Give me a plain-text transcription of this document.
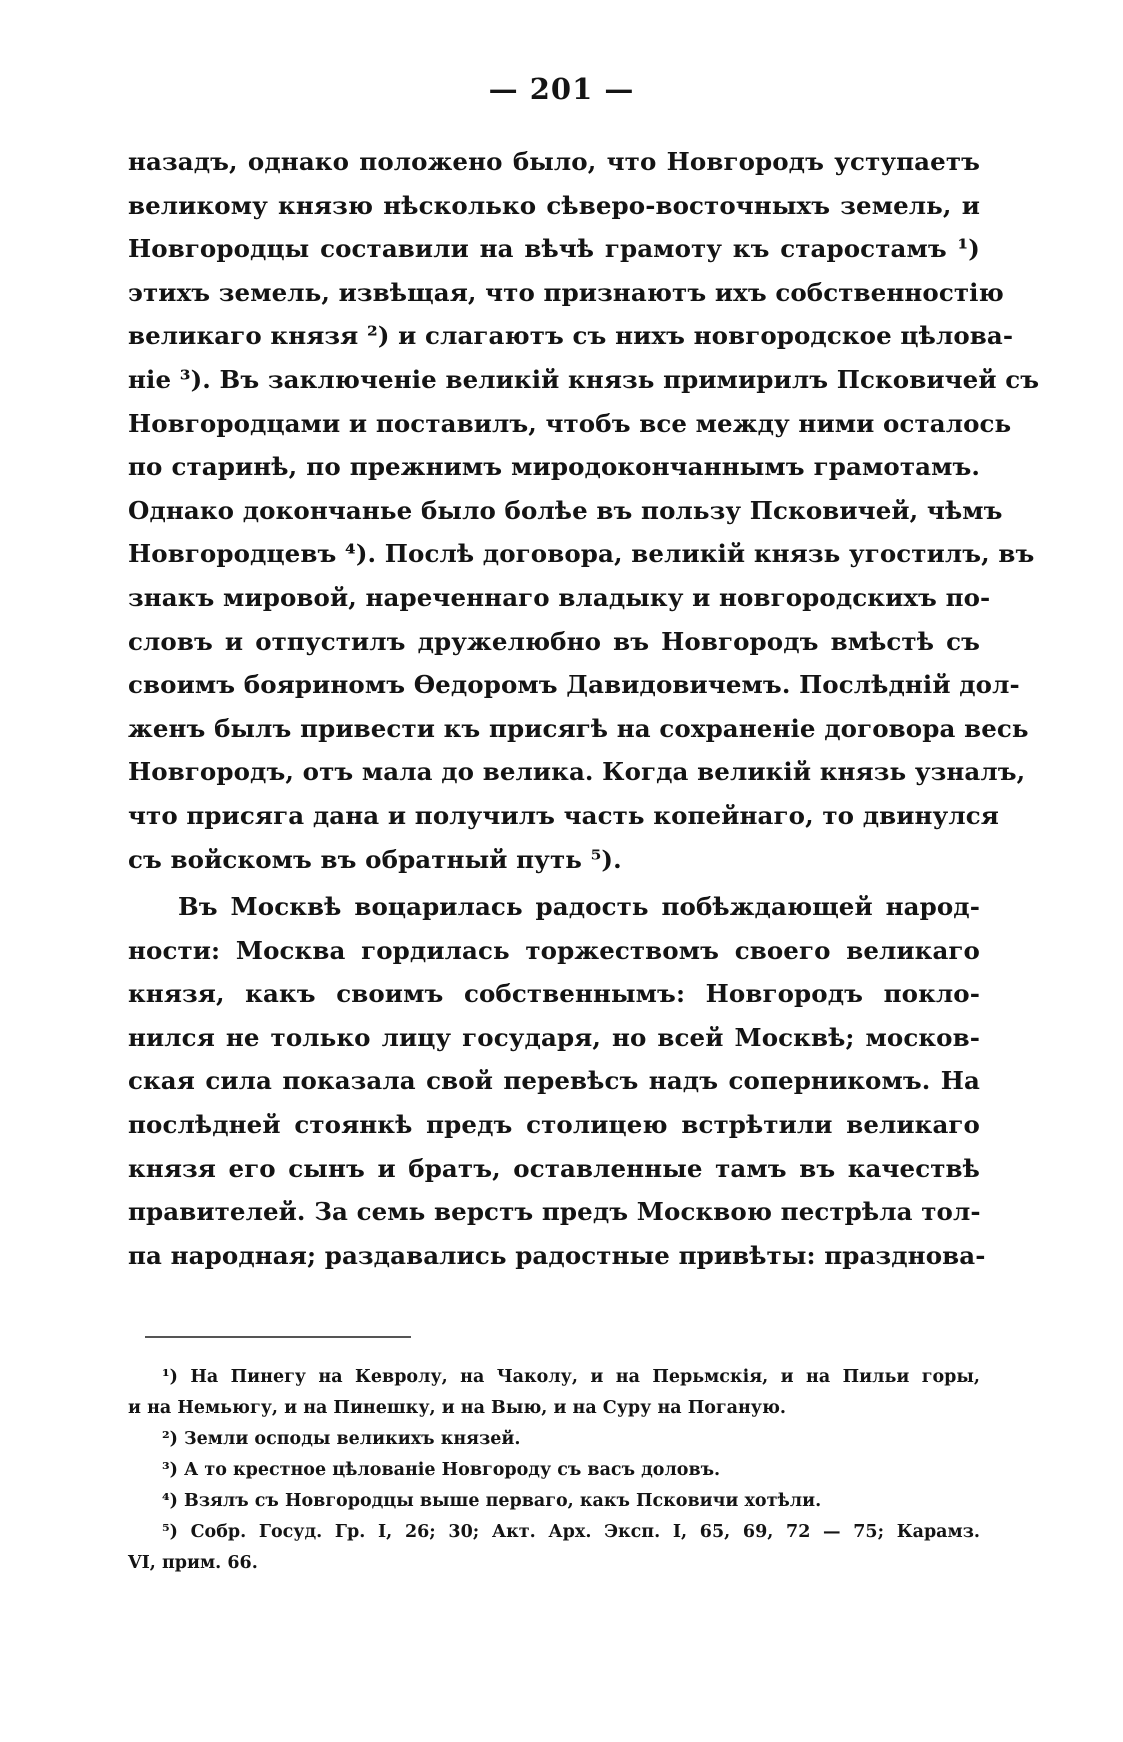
— 201 —
назадъ, однако положено было, что Новгородъ уступаетъ
великому князю нѣсколько сѣверо-восточныхъ земель, и
Новгородцы составили на вѣчѣ грамоту къ старостамъ ¹)
этихъ земель, извѣщая, что признаютъ ихъ собственностію
великаго князя ²) и слагаютъ съ нихъ новгородское цѣлова-
ніе ³). Въ заключеніе великій князь примирилъ Псковичей съ
Новгородцами и поставилъ, чтобъ все между ними осталось
по старинѣ, по прежнимъ миродокончаннымъ грамотамъ.
Однако докончанье было болѣе въ пользу Псковичей, чѣмъ
Новгородцевъ ⁴). Послѣ договора, великій князь угостилъ, въ
знакъ мировой, нареченнаго владыку и новгородскихъ по-
словъ и отпустилъ дружелюбно въ Новгородъ вмѣстѣ съ
своимъ бояриномъ Ѳедоромъ Давидовичемъ. Послѣдній дол-
женъ былъ привести къ присягѣ на сохраненіе договора весь
Новгородъ, отъ мала до велика. Когда великій князь узналъ,
что присяга дана и получилъ часть копейнаго, то двинулся
съ войскомъ въ обратный путь ⁵).
Въ Москвѣ воцарилась радость побѣждающей народ-
ности: Москва гордилась торжествомъ своего великаго
князя, какъ своимъ собственнымъ: Новгородъ покло-
нился не только лицу государя, но всей Москвѣ; москов-
ская сила показала свой перевѣсъ надъ соперникомъ. На
послѣдней стоянкѣ предъ столицею встрѣтили великаго
князя его сынъ и братъ, оставленные тамъ въ качествѣ
правителей. За семь верстъ предъ Москвою пестрѣла тол-
па народная; раздавались радостные привѣты: празднова-
¹) На Пинегу на Кевролу, на Чаколу, и на Перьмскія, и на Пильи горы,
и на Немьюгу, и на Пинешку, и на Выю, и на Суру на Поганую.
²) Земли осподы великихъ князей.
³) А то крестное цѣлованіе Новгороду съ васъ доловъ.
⁴) Взялъ съ Новгородцы выше перваго, какъ Псковичи хотѣли.
⁵) Собр. Госуд. Гр. I, 26; 30; Акт. Арх. Эксп. I, 65, 69, 72 — 75; Карамз.
VI, прим. 66.
